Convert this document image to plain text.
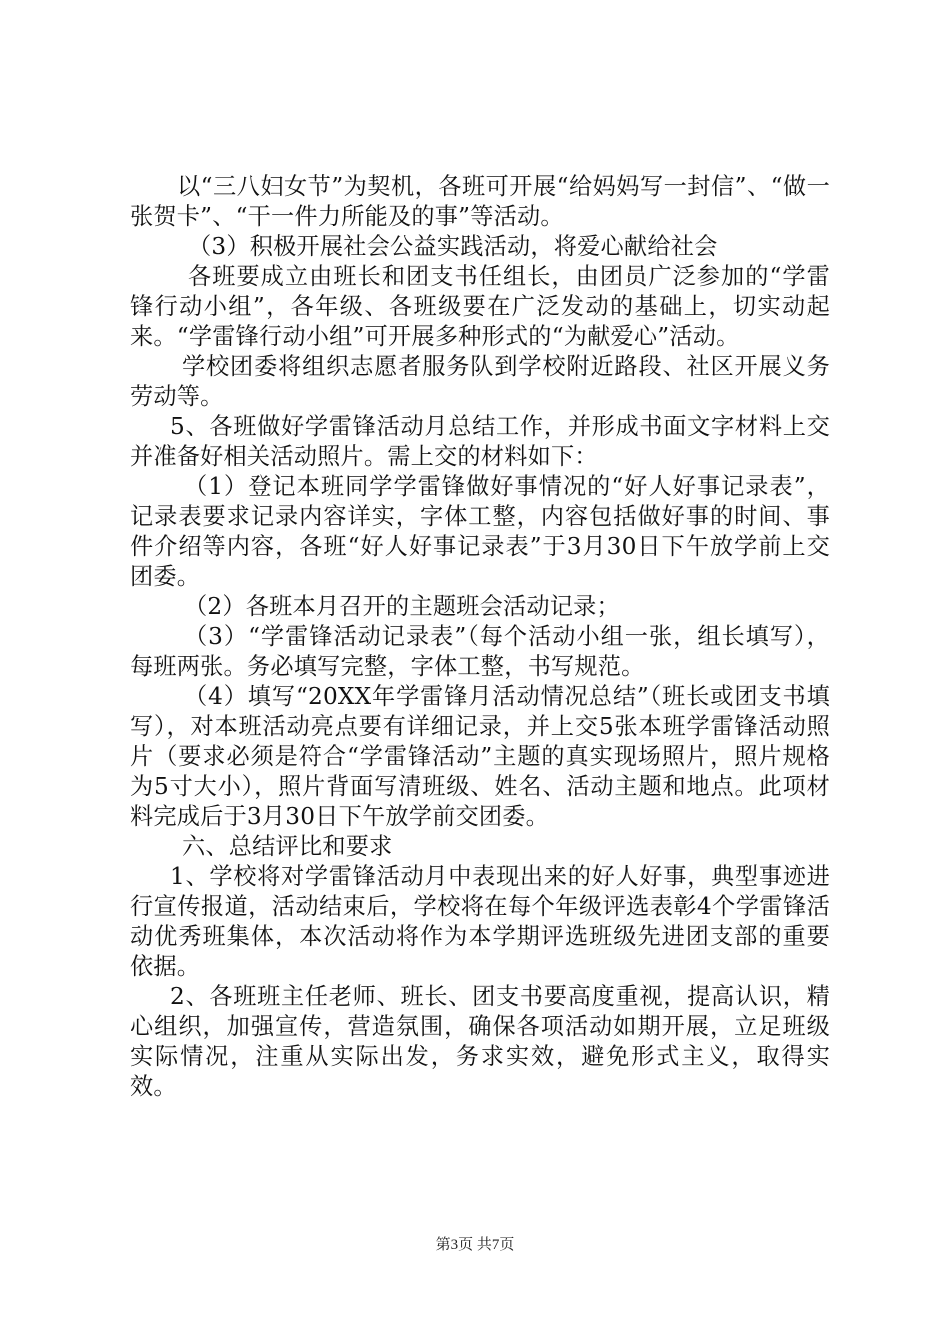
以“三八妇女节”为契机，各班可开展“给妈妈写一封信”、“做一张贺卡”、“干一件力所能及的事”等活动。

（3）积极开展社会公益实践活动，将爱心献给社会

各班要成立由班长和团支书任组长，由团员广泛参加的“学雷锋行动小组”，各年级、各班级要在广泛发动的基础上，切实动起来。“学雷锋行动小组”可开展多种形式的“为献爱心”活动。

学校团委将组织志愿者服务队到学校附近路段、社区开展义务劳动等。

5、各班做好学雷锋活动月总结工作，并形成书面文字材料上交并准备好相关活动照片。需上交的材料如下：

（1）登记本班同学学雷锋做好事情况的“好人好事记录表”，记录表要求记录内容详实，字体工整，内容包括做好事的时间、事件介绍等内容，各班“好人好事记录表”于3月30日下午放学前上交团委。

（2）各班本月召开的主题班会活动记录；

（3）“学雷锋活动记录表”（每个活动小组一张，组长填写），每班两张。务必填写完整，字体工整，书写规范。

（4）填写“20XX年学雷锋月活动情况总结”（班长或团支书填写），对本班活动亮点要有详细记录，并上交5张本班学雷锋活动照片（要求必须是符合“学雷锋活动”主题的真实现场照片，照片规格为5寸大小），照片背面写清班级、姓名、活动主题和地点。此项材料完成后于3月30日下午放学前交团委。

六、总结评比和要求

1、学校将对学雷锋活动月中表现出来的好人好事，典型事迹进行宣传报道，活动结束后，学校将在每个年级评选表彰4个学雷锋活动优秀班集体，本次活动将作为本学期评选班级先进团支部的重要依据。

2、各班班主任老师、班长、团支书要高度重视，提高认识，精心组织，加强宣传，营造氛围，确保各项活动如期开展，立足班级实际情况，注重从实际出发，务求实效，避免形式主义，取得实效。

第3页 共7页
